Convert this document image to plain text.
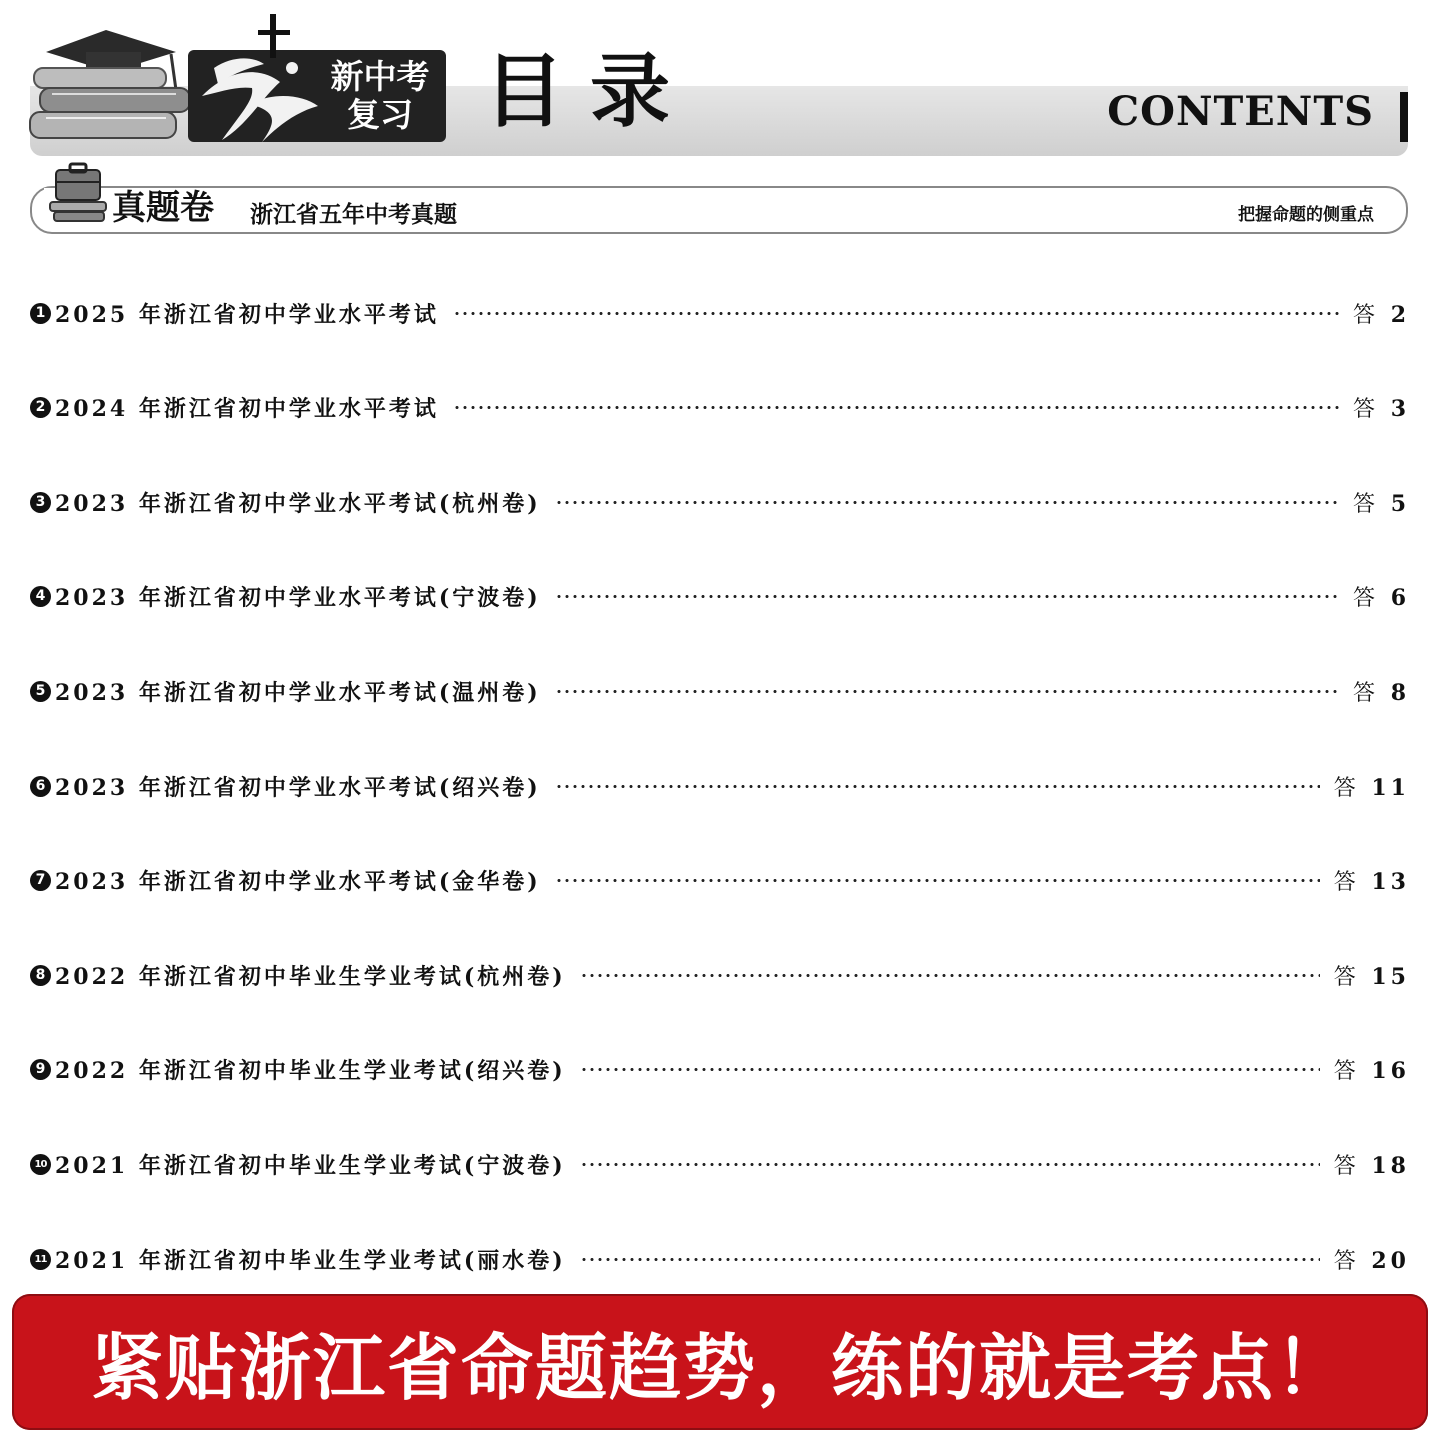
新中考
复习 目录	CONTENTS
真题卷 浙江省五年中考真题	把握命题的侧重点
1 2025 年浙江省初中学业水平考试	答 2
2 2024 年浙江省初中学业水平考试	答 3
3 2023 年浙江省初中学业水平考试(杭州卷)	答 5
4 2023 年浙江省初中学业水平考试(宁波卷)	答 6
5 2023 年浙江省初中学业水平考试(温州卷)	答 8
6 2023 年浙江省初中学业水平考试(绍兴卷)	答 11
7 2023 年浙江省初中学业水平考试(金华卷)	答 13
8 2022 年浙江省初中毕业生学业考试(杭州卷)	答 15
9 2022 年浙江省初中毕业生学业考试(绍兴卷)	答 16
10 2021 年浙江省初中毕业生学业考试(宁波卷)	答 18
11 2021 年浙江省初中毕业生学业考试(丽水卷)	答 20
紧贴浙江省命题趋势，练的就是考点！
